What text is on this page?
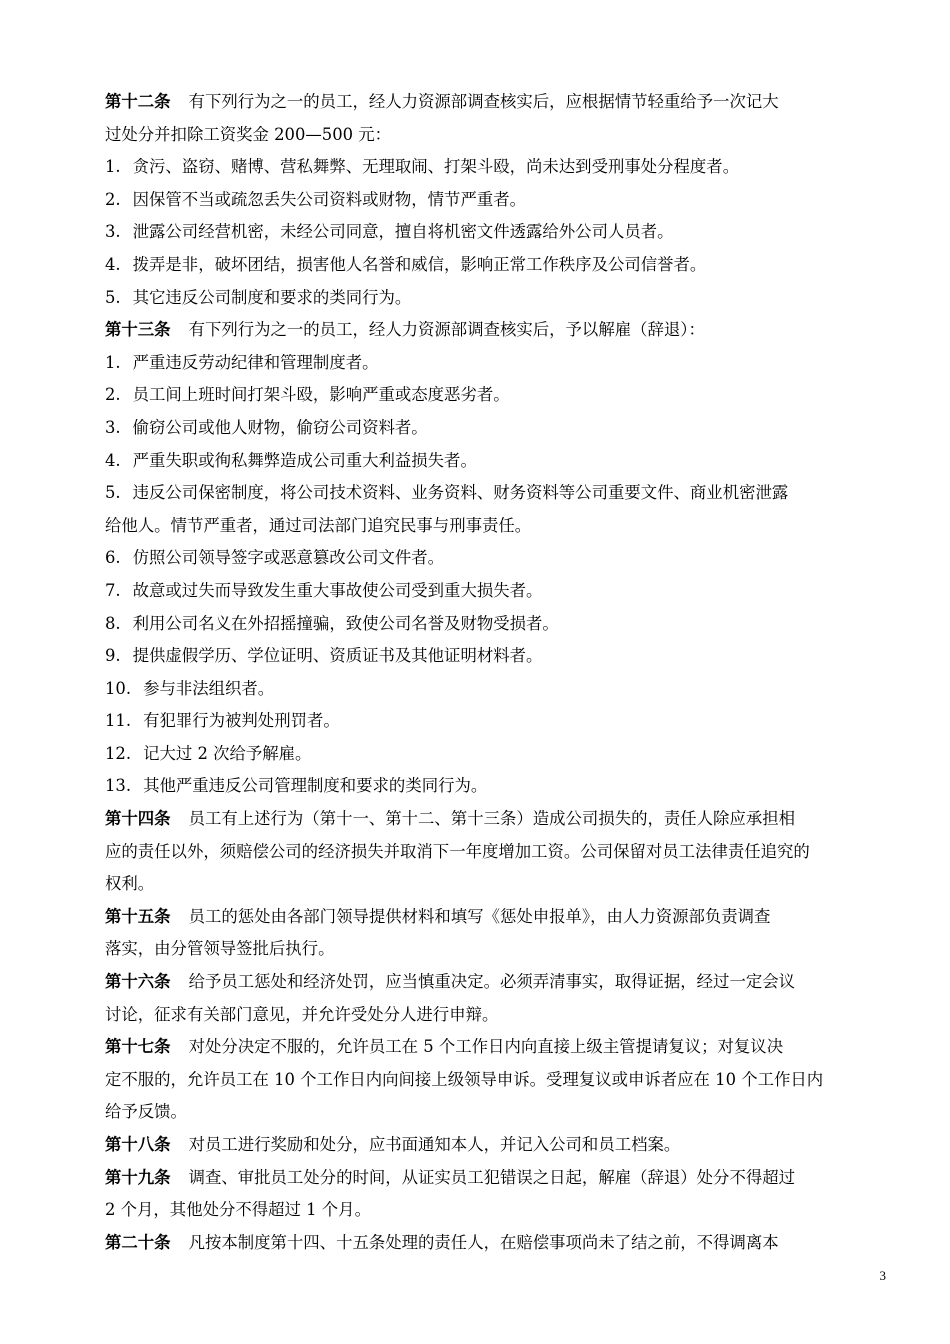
第十二条 有下列行为之一的员工，经人力资源部调查核实后，应根据情节轻重给予一次记大
过处分并扣除工资奖金 200—500 元：
1. 贪污、盗窃、赌博、营私舞弊、无理取闹、打架斗殴，尚未达到受刑事处分程度者。
2. 因保管不当或疏忽丢失公司资料或财物，情节严重者。
3. 泄露公司经营机密，未经公司同意，擅自将机密文件透露给外公司人员者。
4. 拨弄是非，破坏团结，损害他人名誉和威信，影响正常工作秩序及公司信誉者。
5. 其它违反公司制度和要求的类同行为。
第十三条 有下列行为之一的员工，经人力资源部调查核实后，予以解雇（辞退）：
1. 严重违反劳动纪律和管理制度者。
2. 员工间上班时间打架斗殴，影响严重或态度恶劣者。
3. 偷窃公司或他人财物，偷窃公司资料者。
4. 严重失职或徇私舞弊造成公司重大利益损失者。
5. 违反公司保密制度，将公司技术资料、业务资料、财务资料等公司重要文件、商业机密泄露
给他人。情节严重者，通过司法部门追究民事与刑事责任。
6. 仿照公司领导签字或恶意篡改公司文件者。
7. 故意或过失而导致发生重大事故使公司受到重大损失者。
8. 利用公司名义在外招摇撞骗，致使公司名誉及财物受损者。
9. 提供虚假学历、学位证明、资质证书及其他证明材料者。
10. 参与非法组织者。
11. 有犯罪行为被判处刑罚者。
12. 记大过 2 次给予解雇。
13. 其他严重违反公司管理制度和要求的类同行为。
第十四条 员工有上述行为（第十一、第十二、第十三条）造成公司损失的，责任人除应承担相
应的责任以外，须赔偿公司的经济损失并取消下一年度增加工资。公司保留对员工法律责任追究的
权利。
第十五条 员工的惩处由各部门领导提供材料和填写《惩处申报单》，由人力资源部负责调查
落实，由分管领导签批后执行。
第十六条 给予员工惩处和经济处罚，应当慎重决定。必须弄清事实，取得证据，经过一定会议
讨论，征求有关部门意见，并允许受处分人进行申辩。
第十七条 对处分决定不服的，允许员工在 5 个工作日内向直接上级主管提请复议；对复议决
定不服的，允许员工在 10 个工作日内向间接上级领导申诉。受理复议或申诉者应在 10 个工作日内
给予反馈。
第十八条 对员工进行奖励和处分，应书面通知本人，并记入公司和员工档案。
第十九条 调查、审批员工处分的时间，从证实员工犯错误之日起，解雇（辞退）处分不得超过
2 个月，其他处分不得超过 1 个月。
第二十条 凡按本制度第十四、十五条处理的责任人，在赔偿事项尚未了结之前，不得调离本
3
